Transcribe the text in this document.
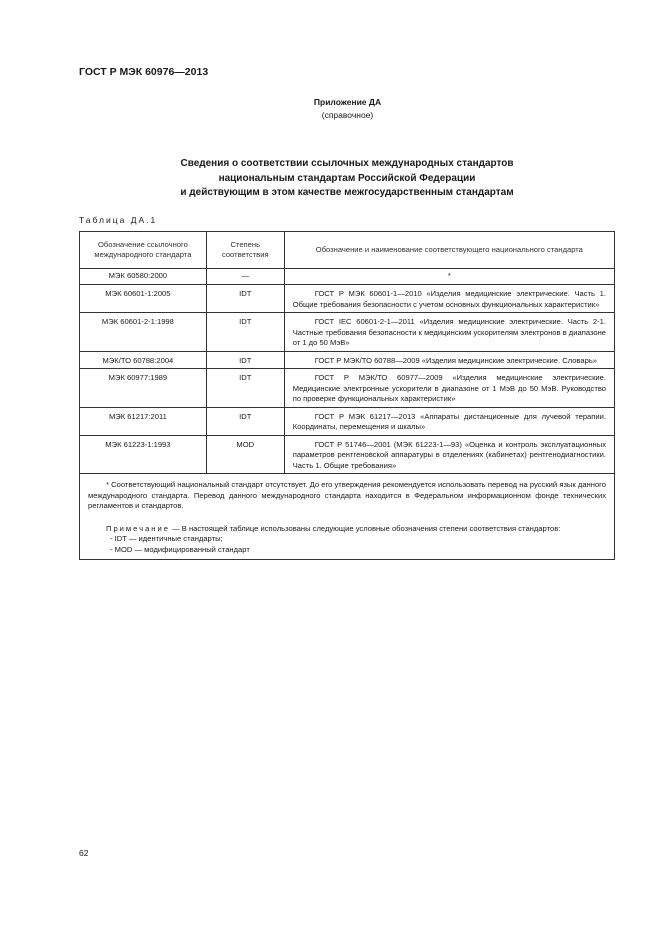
ГОСТ Р МЭК 60976—2013
Приложение ДА
(справочное)
Сведения о соответствии ссылочных международных стандартов
национальным стандартам Российской Федерации
и действующим в этом качестве межгосударственным стандартам
Таблица ДА.1
Обозначение ссылочного международного стандарта	Степень соответствия	Обозначение и наименование соответствующего национального стандарта
МЭК 60580:2000	—	*
МЭК 60601-1:2005	IDT	ГОСТ Р МЭК 60601-1—2010 «Изделия медицинские электрические. Часть 1. Общие требования безопасности с учетом основных функциональных характеристик»
МЭК 60601-2-1:1998	IDT	ГОСТ IEC 60601-2-1—2011 «Изделия медицинские электрические. Часть 2-1. Частные требования безопасности к медицинским ускорителям электронов в диапазоне от 1 до 50 МэВ»
МЭК/ТО 60788:2004	IDT	ГОСТ Р МЭК/ТО 60788—2009 «Изделия медицинские электрические. Словарь»
МЭК 60977:1989	IDT	ГОСТ Р МЭК/ТО 60977—2009 «Изделия медицинские электрические. Медицинские электронные ускорители в диапазоне от 1 МэВ до 50 МэВ. Руководство по проверке функциональных характеристик»
МЭК 61217:2011	IDT	ГОСТ Р МЭК 61217—2013 «Аппараты дистанционные для лучевой терапии. Координаты, перемещения и шкалы»
МЭК 61223-1:1993	MOD	ГОСТ Р 51746—2001 (МЭК 61223-1—93) «Оценка и контроль эксплуатационных параметров рентгеновской аппаратуры в отделениях (кабинетах) рентгенодиагностики. Часть 1. Общие требования»

* Соответствующий национальный стандарт отсутствует. До его утверждения рекомендуется использовать перевод на русский язык данного международного стандарта. Перевод данного международного стандарта находится в Федеральном информационном фонде технических регламентов и стандартов.

Примечание — В настоящей таблице использованы следующие условные обозначения степени соответствия стандартов:

- IDT — идентичные стандарты;

- MOD — модифицированный стандарт		

62
